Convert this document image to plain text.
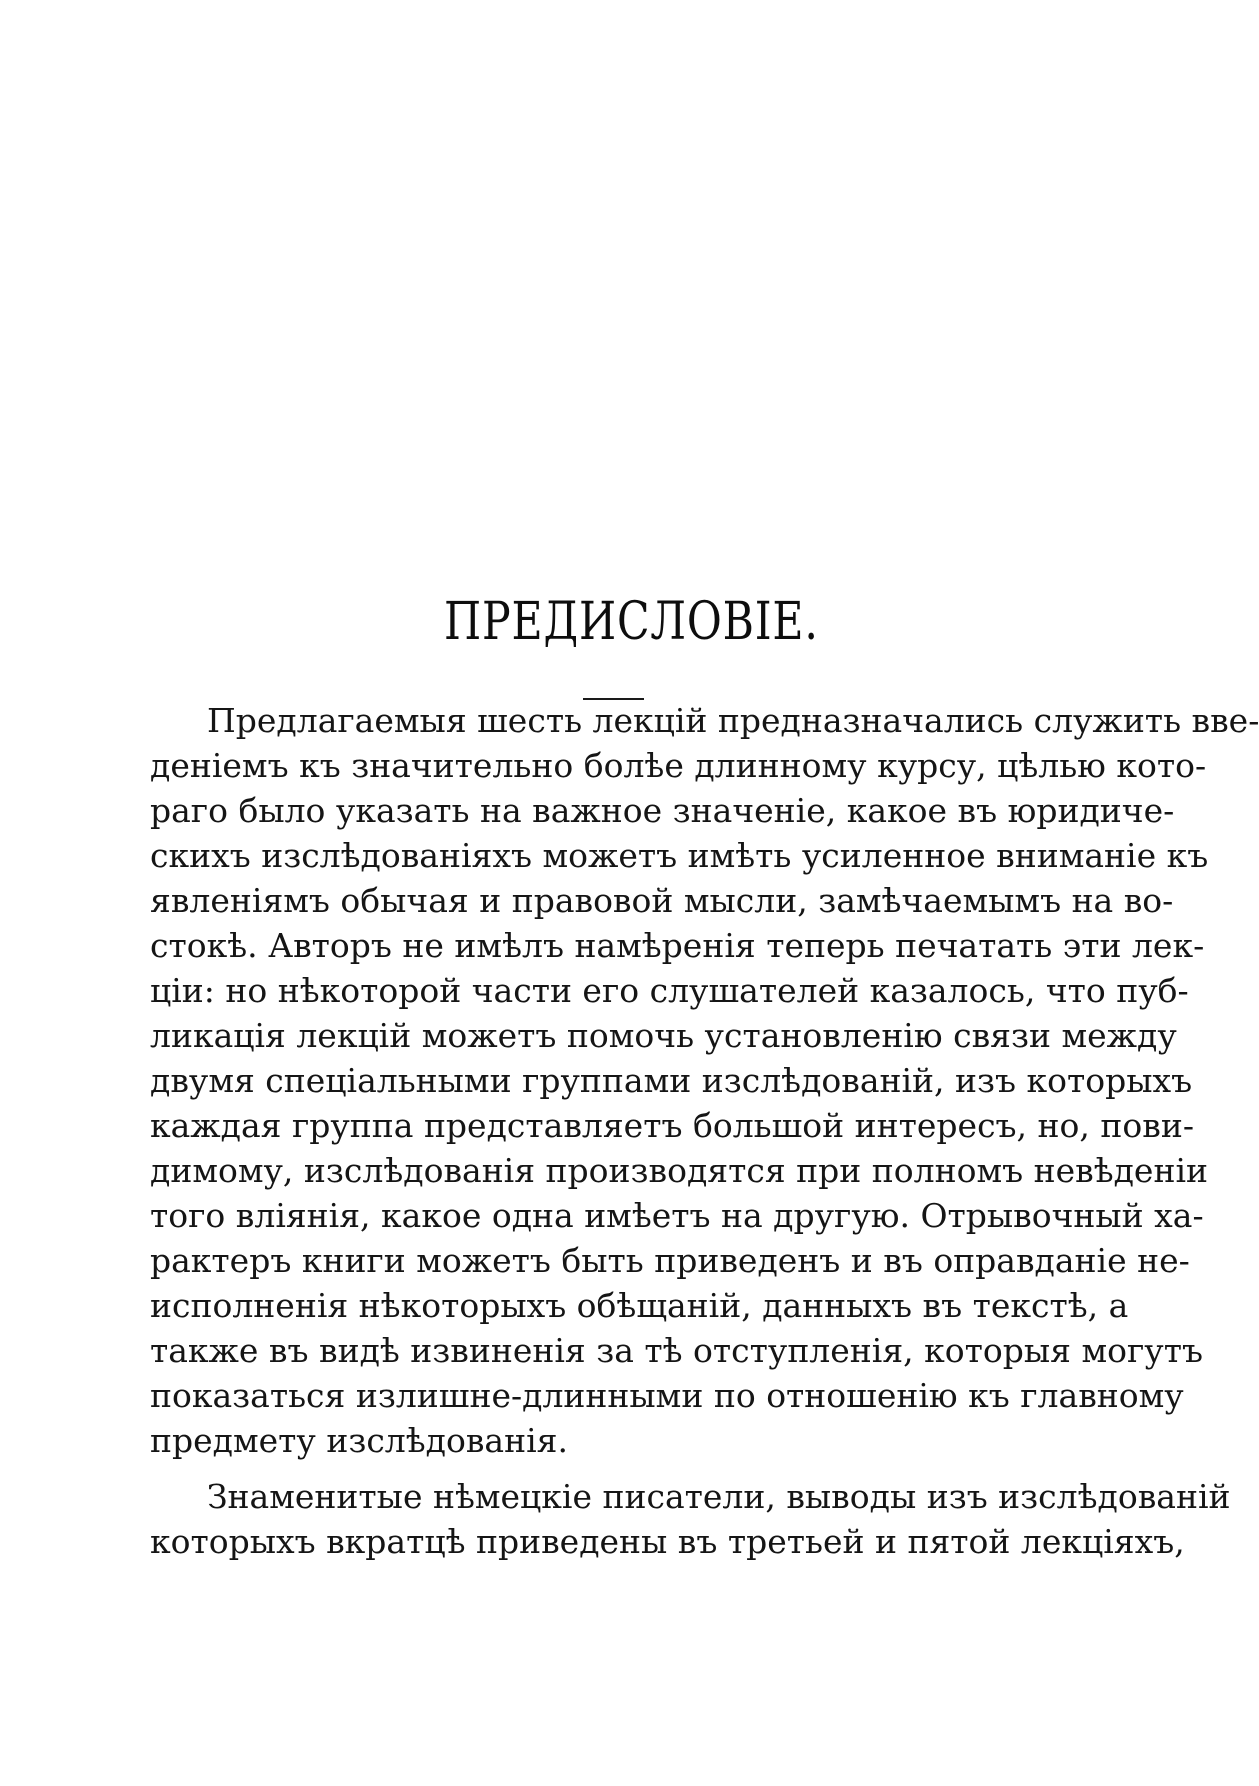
ПРЕДИСЛОВІЕ.
Предлагаемыя шесть лекцій предназначались служить вве-
деніемъ къ значительно болѣе длинному курсу, цѣлью кото-
раго было указать на важное значеніе, какое въ юридиче-
скихъ изслѣдованіяхъ можетъ имѣть усиленное вниманіе къ
явленіямъ обычая и правовой мысли, замѣчаемымъ на во-
стокѣ. Авторъ не имѣлъ намѣренія теперь печатать эти лек-
ціи: но нѣкоторой части его слушателей казалось, что пуб-
ликація лекцій можетъ помочь установленію связи между
двумя спеціальными группами изслѣдованій, изъ которыхъ
каждая группа представляетъ большой интересъ, но, пови-
димому, изслѣдованія производятся при полномъ невѣденіи
того вліянія, какое одна имѣетъ на другую. Отрывочный ха-
рактеръ книги можетъ быть приведенъ и въ оправданіе не-
исполненія нѣкоторыхъ обѣщаній, данныхъ въ текстѣ, а
также въ видѣ извиненія за тѣ отступленія, которыя могутъ
показаться излишне-длинными по отношенію къ главному
предмету изслѣдованія.
Знаменитые нѣмецкіе писатели, выводы изъ изслѣдованій
которыхъ вкратцѣ приведены въ третьей и пятой лекціяхъ,
